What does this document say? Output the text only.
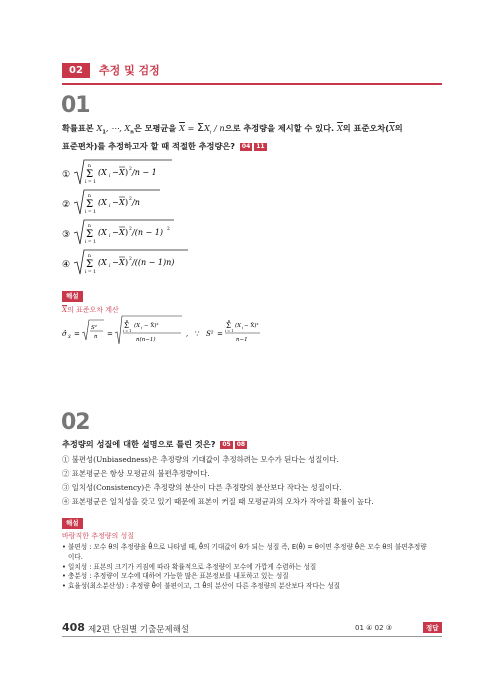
02	추정 및 검정
01
확률표본 $X_1$, ⋯, $X_n$은 모평균을 $\overline{X} = \Sigma X_i / n$으로 추정량을 제시할 수 있다. $\overline{X}$의 표준오차($\overline{X}$의
표준편차)를 추정하고자 할 때 적절한 추정량은? 04 11
①
n
Σ
i = 1
(X i − X ) 2 /n − 1
②
n
Σ
i = 1
(X i − X ) 2 /n
③
n
Σ
i = 1
(X i − X ) 2 /(n − 1) 2
④
n
Σ
i = 1
(X i − X ) 2 /((n − 1)n)
해설
$\overline{X}$의 표준오차 계산
σ̂ X̄ =
S²
n =
n
Σ
i = 1
(X i − X̄)²
n(n−1)
, ∵ S² =
n
Σ
i = 1
(X i − X̄)²
n−1
02
추정량의 성질에 대한 설명으로 틀린 것은? 05 08
① 불편성(Unbiasedness)은 추정량의 기대값이 추정하려는 모수가 된다는 성질이다.
② 표본평균은 항상 모평균의 불편추정량이다.
③ 일치성(Consistency)은 추정량의 분산이 다른 추정량의 분산보다 작다는 성질이다.
④ 표본평균은 일치성을 갖고 있기 때문에 표본이 커질 때 모평균과의 오차가 작아질 확률이 높다.
해설
바람직한 추정량의 성질
• 불편성 : 모수 θ의 추정량을 θ̂으로 나타낼 때, θ̂의 기대값이 θ가 되는 성질 즉, E(θ̂) = θ이면 추정량 θ̂은 모수 θ의 불편추정량
이다.
• 일치성 : 표본의 크기가 커짐에 따라 확률적으로 추정량이 모수에 가깝게 수렴하는 성질
• 충분성 : 추정량이 모수에 대하여 가능한 많은 표본정보를 내포하고 있는 성질
• 효율성(최소분산성) : 추정량 θ̂이 불편이고, 그 θ̂의 분산이 다른 추정량의 분산보다 작다는 성질
408 제2편 단원별 기출문제해설	01 ④ 02 ③	정답
